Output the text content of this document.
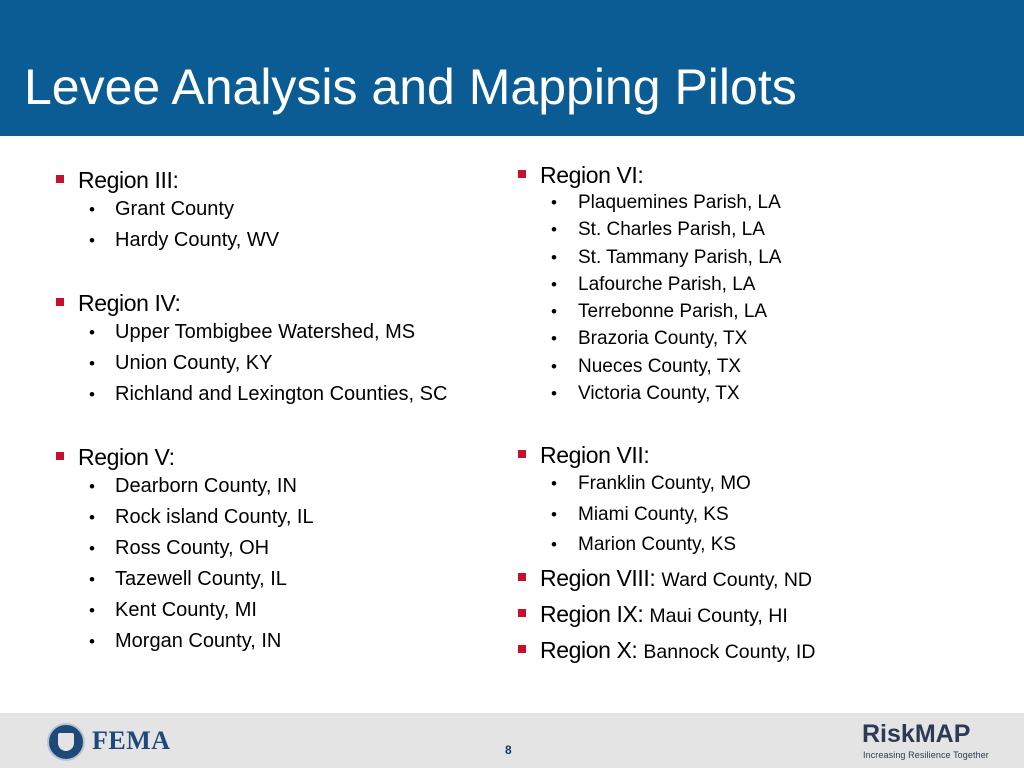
Levee Analysis and Mapping Pilots
Region III:
• Grant County
• Hardy County, WV
Region IV:
• Upper Tombigbee Watershed, MS
• Union County, KY
• Richland and Lexington Counties, SC
Region V:
• Dearborn County, IN
• Rock island County, IL
• Ross County, OH
• Tazewell County, IL
• Kent County, MI
• Morgan County, IN
Region VI:
• Plaquemines Parish, LA
• St. Charles Parish, LA
• St. Tammany Parish, LA
• Lafourche Parish, LA
• Terrebonne Parish, LA
• Brazoria County, TX
• Nueces County, TX
• Victoria County, TX
Region VII:
• Franklin County, MO
• Miami County, KS
• Marion County, KS
Region VIII: Ward County, ND
Region IX: Maui County, HI
Region X: Bannock County, ID
FEMA	8
RiskMAP
Increasing Resilience Together
